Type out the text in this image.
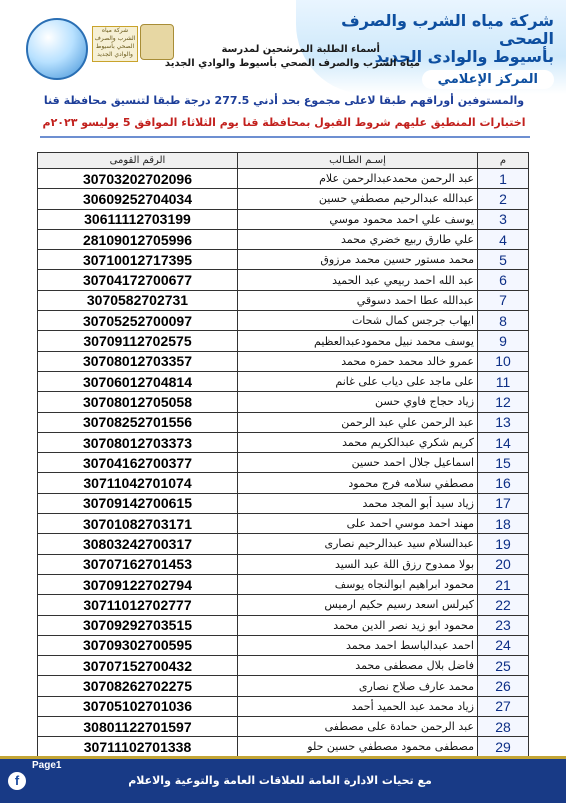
شركة مياه الشرب والصرف الصحي بأسيوط والوادي الجديد
شركة مياه الشرب والصرف الصحى
بأسيوط والوادى الجديد
المركز الإعلامي
أسماء الطلبة المرشحين لمدرسة
مياه الشرب والصرف الصحي بأسيوط والوادي الجديد
والمستوفين أوراقهم طبقا لاعلى مجموع بحد أدني 277.5 درجة طبقا لتنسيق محافظة قنا
اختبارات المنطيق عليهم شروط القبول بمحافظة قنا يوم الثلاثاء الموافق 5 يوليسو ٢٠٢٣م
الرقم القومى	إسـم الطـالب	م
30703202702096	عبد الرحمن محمدعبدالرحمن علام	1
30609252704034	عبدالله عبدالرحيم مصطفي حسين	2
30611112703199	يوسف علي احمد محمود موسي	3
28109012705996	علي طارق ربيع خضري محمد	4
30710012717395	محمد مستور حسين محمد مرزوق	5
30704172700677	عبد الله احمد ربيعي عبد الحميد	6
3070582702731	عبدالله عطا احمد دسوقي	7
30705252700097	ايهاب جرجس كمال شحات	8
30709112702575	يوسف محمد نبيل محمودعبدالعظيم	9
30708012703357	عمرو خالد محمد حمزه محمد	10
30706012704814	على ماجد على دياب على غانم	11
30708012705058	زياد حجاج فاوي حسن	12
30708252701556	عبد الرحمن علي عبد الرحمن	13
30708012703373	كريم شكري عبدالكريم محمد	14
30704162700377	اسماعيل جلال احمد حسين	15
30711042701074	مصطفي سلامه فرج محمود	16
30709142700615	زياد سيد أبو المجد محمد	17
30701082703171	مهند احمد موسي احمد على	18
30803242700317	عبدالسلام سيد عبدالرحيم نصارى	19
30707162701453	بولا ممدوح رزق اللة عبد السيد	20
30709122702794	محمود ابراهيم ابوالنجاه يوسف	21
30711012702777	كيرلس اسعد رسيم حكيم ارميس	22
30709292703515	محمود ابو زيد نصر الدين محمد	23
30709302700595	احمد عبدالباسط احمد محمد	24
30707152700432	فاضل بلال مصطفى محمد	25
30708262702275	محمد عارف صلاح نصارى	26
30705102701036	زياد محمد عبد الحميد أحمد	27
30801122701597	عبد الرحمن حمادة على مصطفى	28
30711102701338	مصطفى محمود مصطفي حسين حلو	29

f
Page1
مع تحيات الادارة العامة للعلاقات العامة والتوعية والاعلام
